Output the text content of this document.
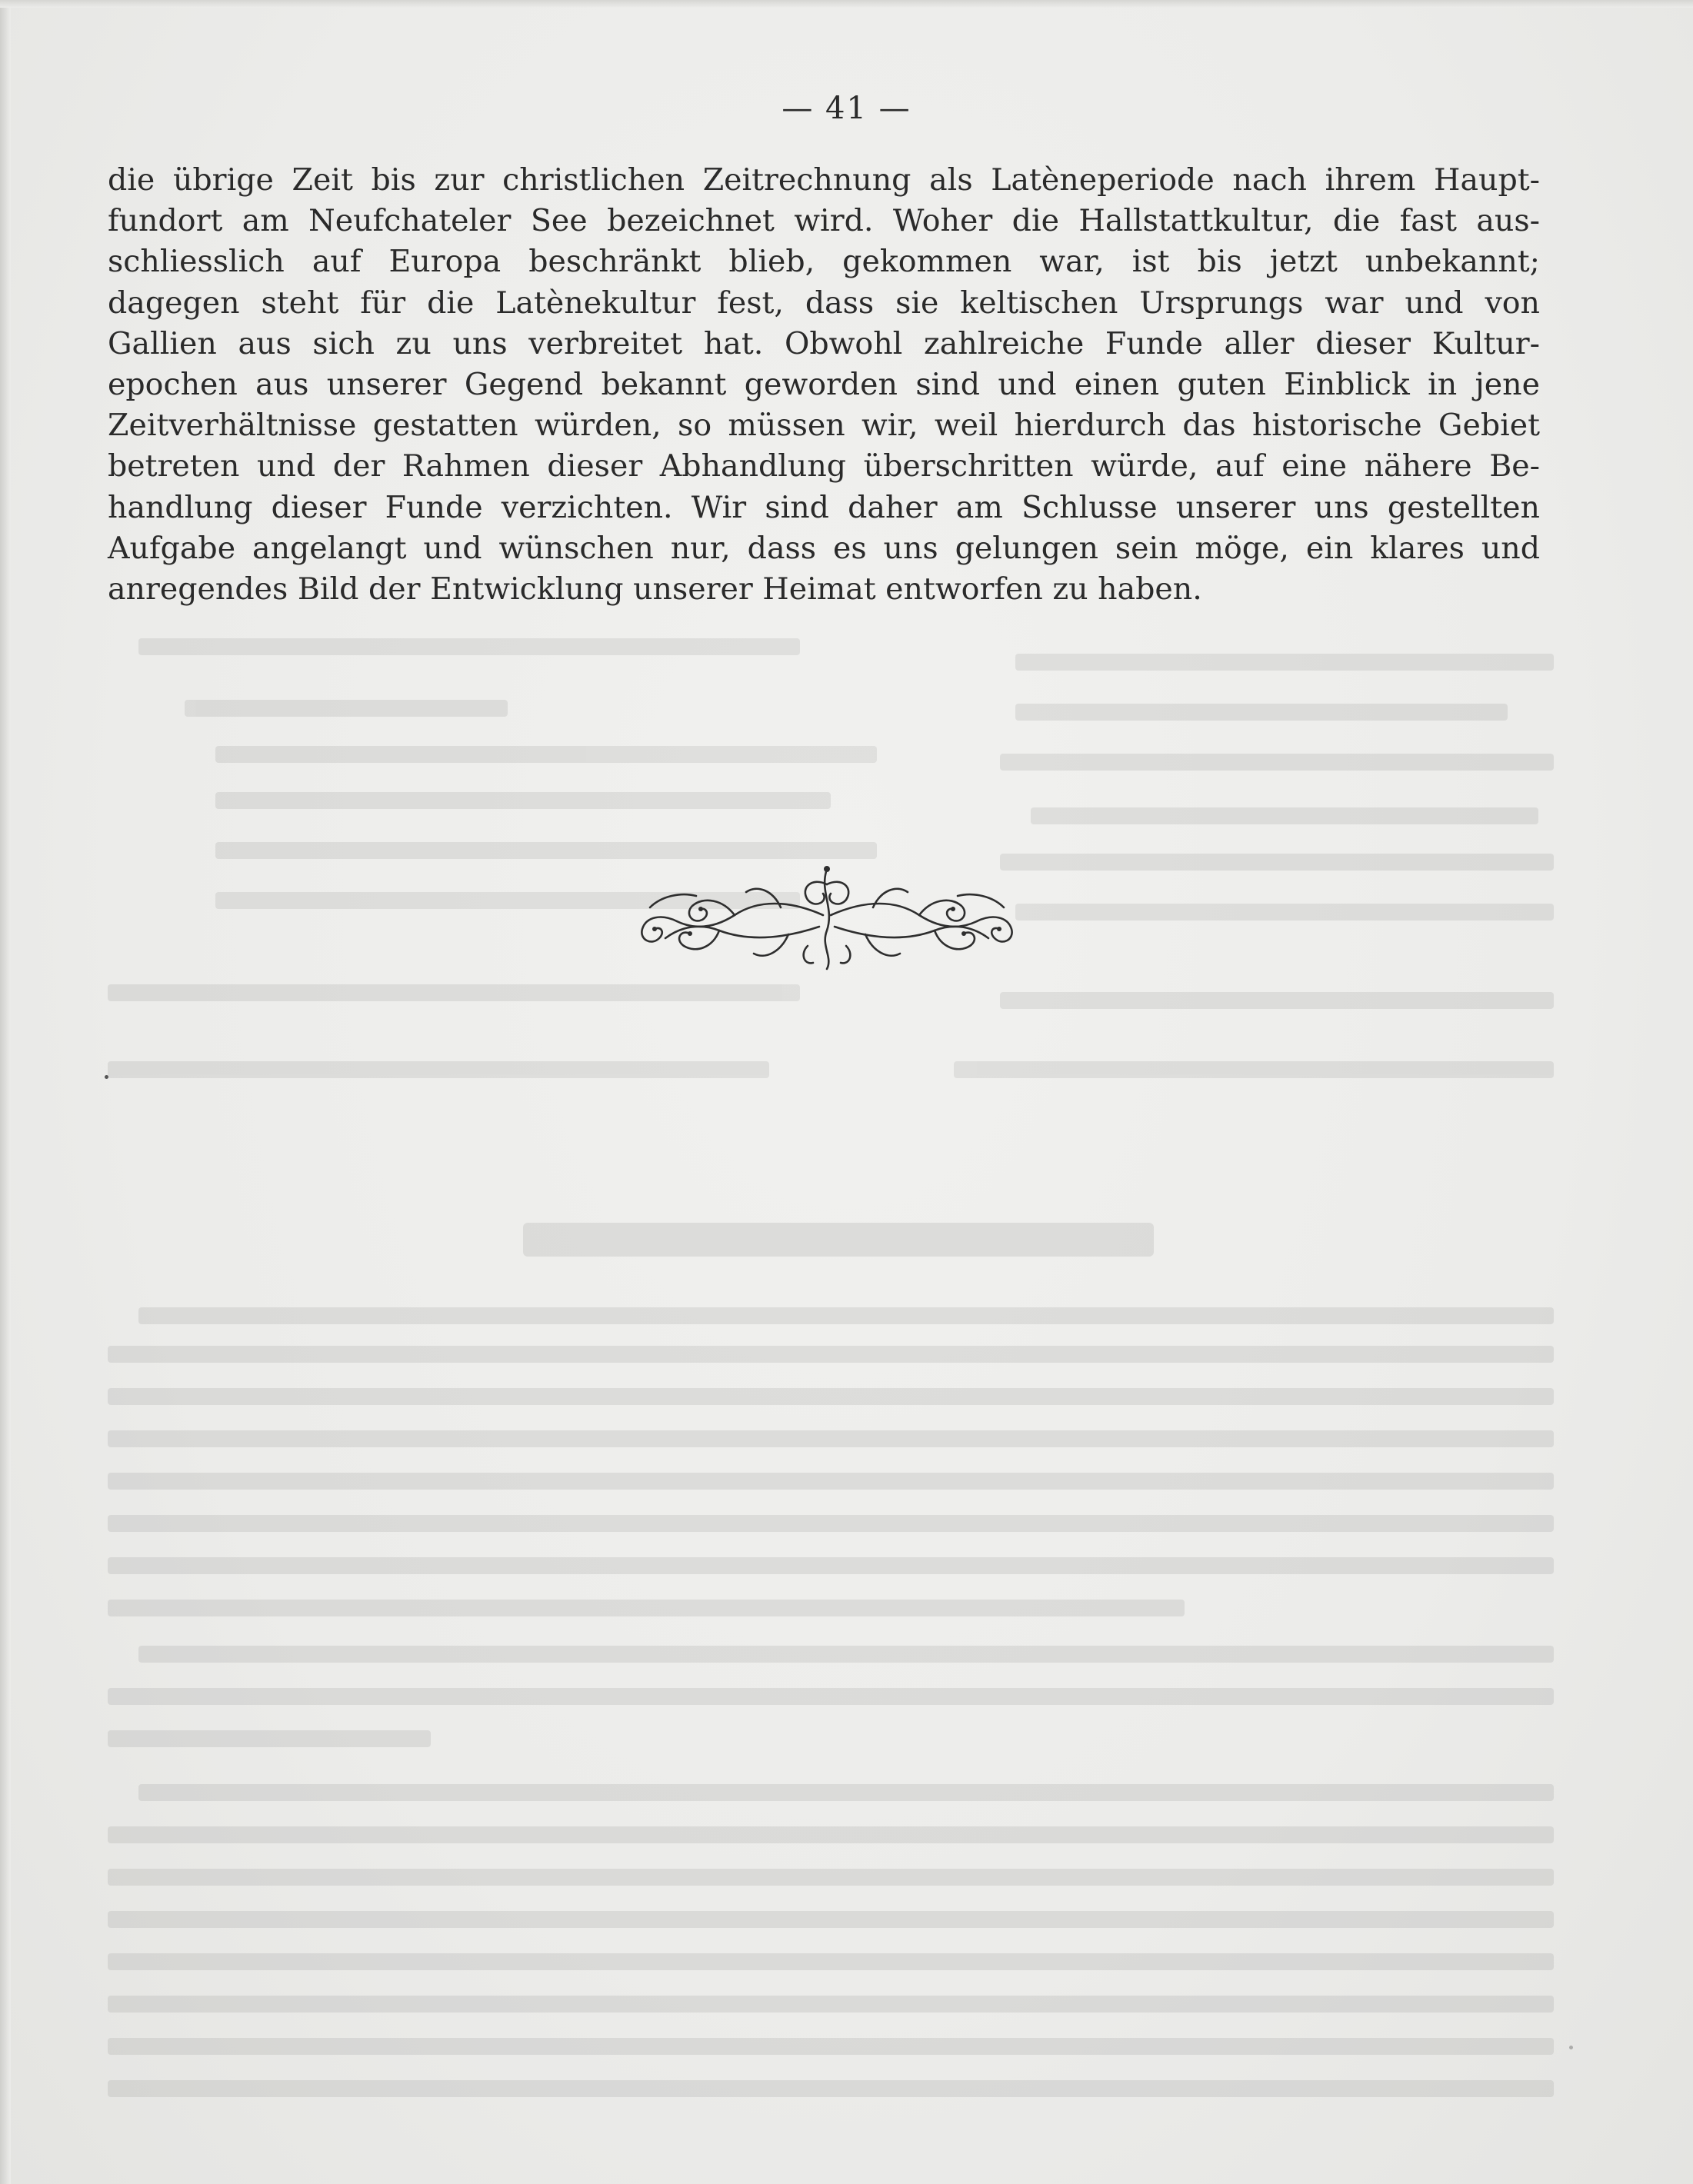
— 41 —
die übrige Zeit bis zur christlichen Zeitrechnung als Latèneperiode nach ihrem Haupt-
fundort am Neufchateler See bezeichnet wird. Woher die Hallstattkultur, die fast aus-
schliesslich auf Europa beschränkt blieb, gekommen war, ist bis jetzt unbekannt;
dagegen steht für die Latènekultur fest, dass sie keltischen Ursprungs war und von
Gallien aus sich zu uns verbreitet hat. Obwohl zahlreiche Funde aller dieser Kultur-
epochen aus unserer Gegend bekannt geworden sind und einen guten Einblick in jene
Zeitverhältnisse gestatten würden, so müssen wir, weil hierdurch das historische Gebiet
betreten und der Rahmen dieser Abhandlung überschritten würde, auf eine nähere Be-
handlung dieser Funde verzichten. Wir sind daher am Schlusse unserer uns gestellten
Aufgabe angelangt und wünschen nur, dass es uns gelungen sein möge, ein klares und
anregendes Bild der Entwicklung unserer Heimat entworfen zu haben.
